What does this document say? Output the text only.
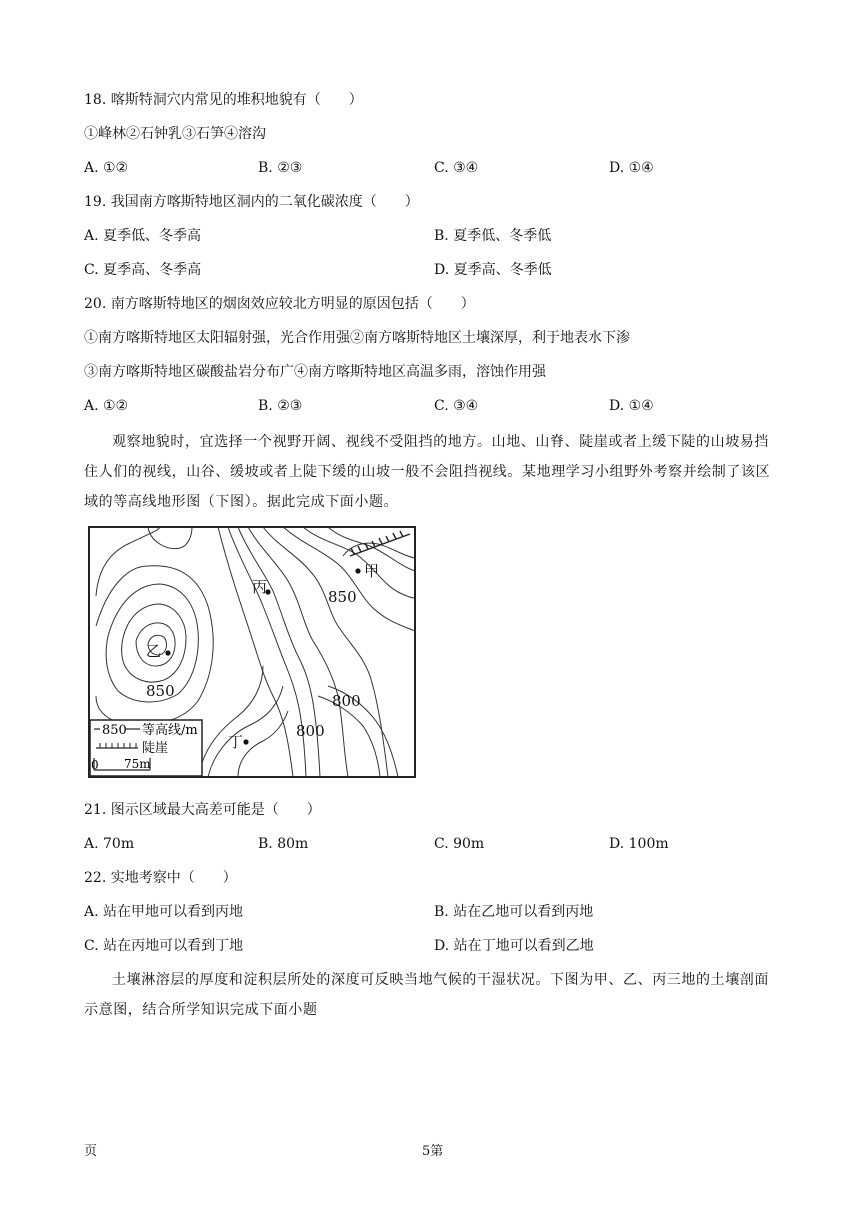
18. 喀斯特洞穴内常见的堆积地貌有（　　）
①峰林②石钟乳③石笋④溶沟
A. ①②	B. ②③	C. ③④	D. ①④
19. 我国南方喀斯特地区洞内的二氧化碳浓度（　　）
A. 夏季低、冬季高	B. 夏季低、冬季低
C. 夏季高、冬季高	D. 夏季高、冬季低
20. 南方喀斯特地区的烟囱效应较北方明显的原因包括（　　）
①南方喀斯特地区太阳辐射强，光合作用强②南方喀斯特地区土壤深厚，利于地表水下渗
③南方喀斯特地区碳酸盐岩分布广④南方喀斯特地区高温多雨，溶蚀作用强
A. ①②	B. ②③	C. ③④	D. ①④
观察地貌时，宜选择一个视野开阔、视线不受阻挡的地方。山地、山脊、陡崖或者上缓下陡的山坡易挡住人们的视线，山谷、缓坡或者上陡下缓的山坡一般不会阻挡视线。某地理学习小组野外考察并绘制了该区域的等高线地形图（下图）。据此完成下面小题。
甲
丙
乙
丁
850
850
800
800
850 等高线/m
陡崖
0 75m
21. 图示区域最大高差可能是（　　）
A. 70m	B. 80m	C. 90m	D. 100m
22. 实地考察中（　　）
A. 站在甲地可以看到丙地	B. 站在乙地可以看到丙地
C. 站在丙地可以看到丁地	D. 站在丁地可以看到乙地
土壤淋溶层的厚度和淀积层所处的深度可反映当地气候的干湿状况。下图为甲、乙、丙三地的土壤剖面示意图，结合所学知识完成下面小题
页	5第
